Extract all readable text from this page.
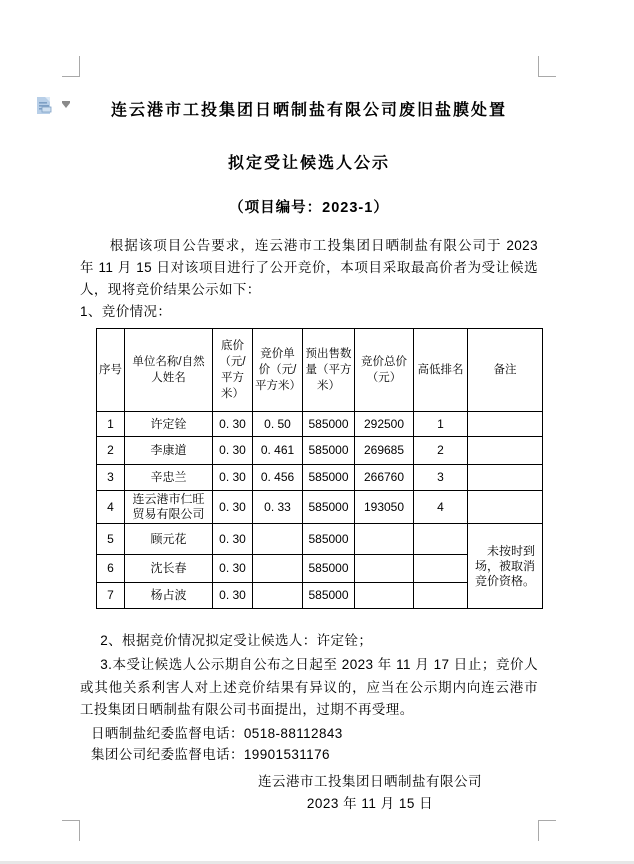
连云港市工投集团日晒制盐有限公司废旧盐膜处置
拟定受让候选人公示
（项目编号：2023-1）
根据该项目公告要求，连云港市工投集团日晒制盐有限公司于 2023 年 11 月 15 日对该项目进行了公开竞价，本项目采取最高价者为受让候选人，现将竞价结果公示如下：
1、竞价情况：
序号	单位名称/自然人姓名	底价（元/平方米）	竞价单价（元/平方米）	预出售数量（平方米）	竞价总价（元）	高低排名	备注
1	许定铨	0. 30	0. 50	585000	292500	1	
2	李康道	0. 30	0. 461	585000	269685	2	
3	辛忠兰	0. 30	0. 456	585000	266760	3	
4	连云港市仁旺贸易有限公司	0. 30	0. 33	585000	193050	4	
5	顾元花	0. 30		585000			未按时到场，被取消竞价资格。
6	沈长春	0. 30		585000			
7	杨占波	0. 30		585000			
2、根据竞价情况拟定受让候选人：许定铨；
3.本受让候选人公示期自公布之日起至 2023 年 11 月 17 日止；竞价人或其他关系利害人对上述竞价结果有异议的，应当在公示期内向连云港市工投集团日晒制盐有限公司书面提出，过期不再受理。
日晒制盐纪委监督电话：0518-88112843
集团公司纪委监督电话：19901531176
连云港市工投集团日晒制盐有限公司
2023 年 11 月 15 日
